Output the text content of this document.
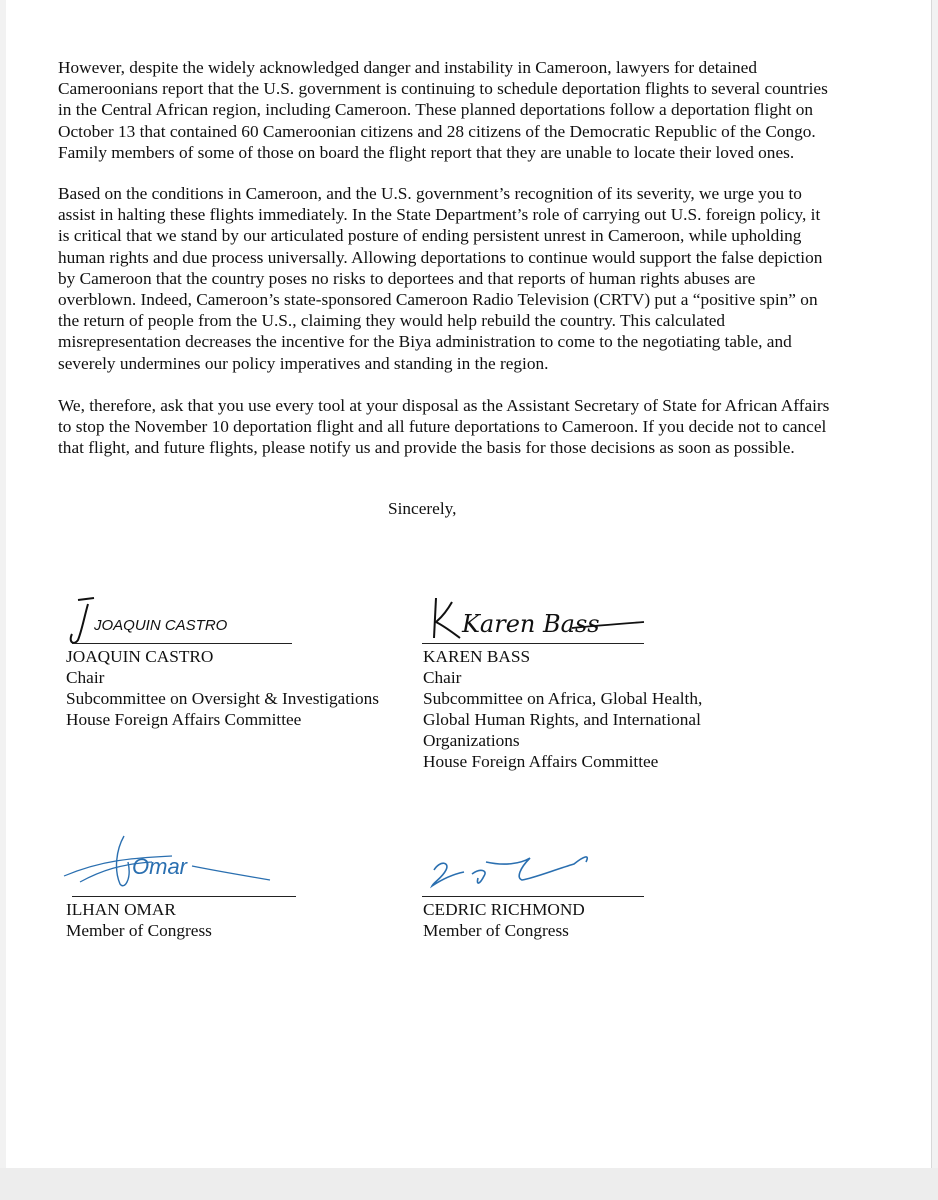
However, despite the widely acknowledged danger and instability in Cameroon, lawyers for detained
Cameroonians report that the U.S. government is continuing to schedule deportation flights to several countries
in the Central African region, including Cameroon. These planned deportations follow a deportation flight on
October 13 that contained 60 Cameroonian citizens and 28 citizens of the Democratic Republic of the Congo.
Family members of some of those on board the flight report that they are unable to locate their loved ones.

Based on the conditions in Cameroon, and the U.S. government’s recognition of its severity, we urge you to
assist in halting these flights immediately. In the State Department’s role of carrying out U.S. foreign policy, it
is critical that we stand by our articulated posture of ending persistent unrest in Cameroon, while upholding
human rights and due process universally. Allowing deportations to continue would support the false depiction
by Cameroon that the country poses no risks to deportees and that reports of human rights abuses are
overblown. Indeed, Cameroon’s state-sponsored Cameroon Radio Television (CRTV) put a “positive spin” on
the return of people from the U.S., claiming they would help rebuild the country. This calculated
misrepresentation decreases the incentive for the Biya administration to come to the negotiating table, and
severely undermines our policy imperatives and standing in the region.

We, therefore, ask that you use every tool at your disposal as the Assistant Secretary of State for African Affairs
to stop the November 10 deportation flight and all future deportations to Cameroon. If you decide not to cancel
that flight, and future flights, please notify us and provide the basis for those decisions as soon as possible.

Sincerely,
JOAQUIN CASTRO
JOAQUIN CASTRO
Chair
Subcommittee on Oversight & Investigations
House Foreign Affairs Committee
Karen Bass
KAREN BASS
Chair
Subcommittee on Africa, Global Health,
Global Human Rights, and International
Organizations
House Foreign Affairs Committee
Omar
ILHAN OMAR
Member of Congress
CEDRIC RICHMOND
Member of Congress
